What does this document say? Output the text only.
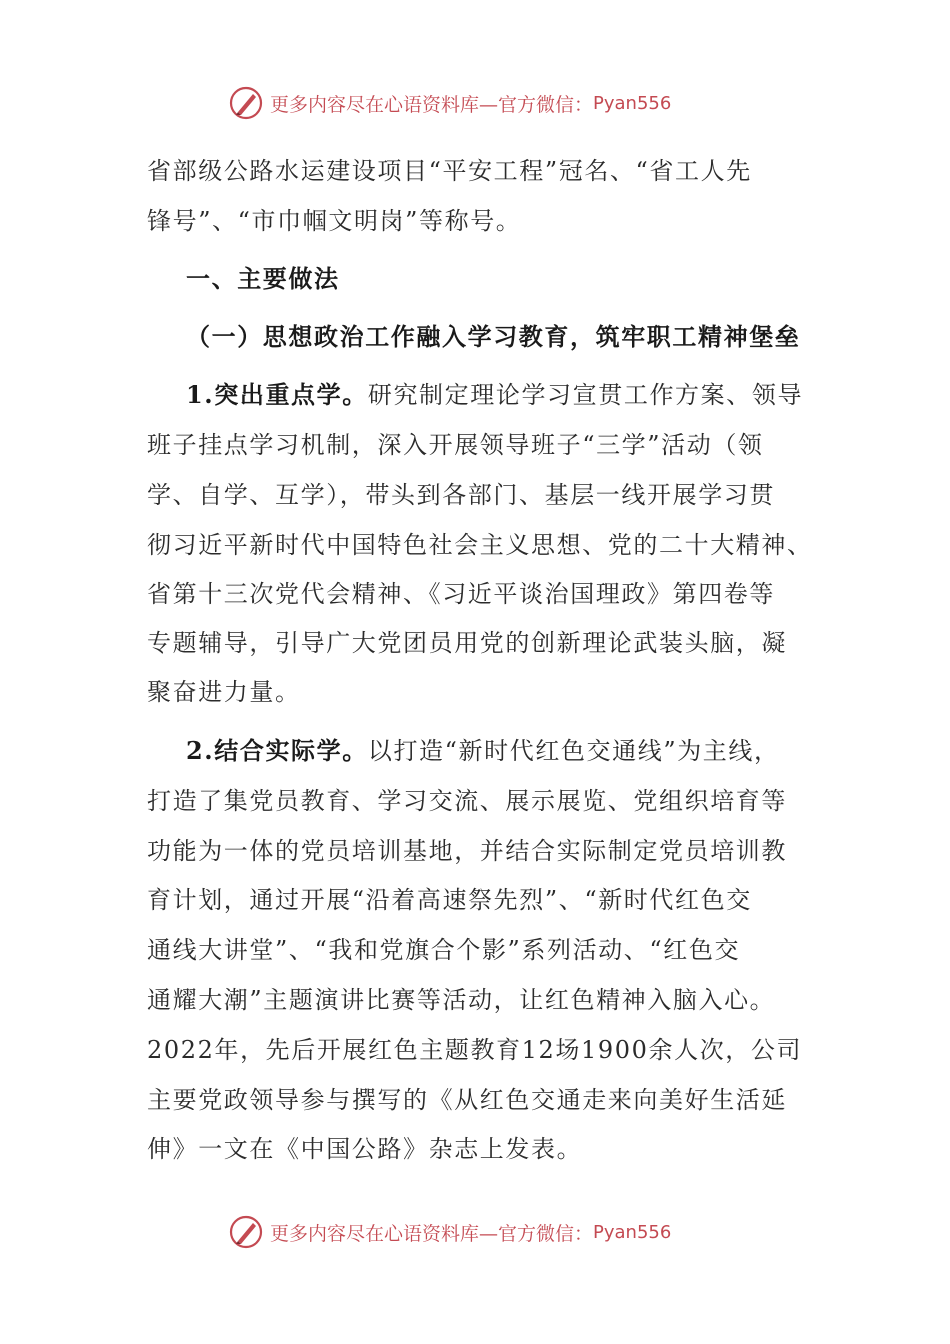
更多内容尽在心语资料库—官方微信： Pyan556
省部级公路水运建设项目“平安工程”冠名、“省工人先
锋号”、“市巾帼文明岗”等称号。
一、主要做法
（一）思想政治工作融入学习教育，筑牢职工精神堡垒
1.突出重点学。研究制定理论学习宣贯工作方案、领导
班子挂点学习机制，深入开展领导班子“三学”活动（领
学、自学、互学），带头到各部门、基层一线开展学习贯
彻习近平新时代中国特色社会主义思想、党的二十大精神、
省第十三次党代会精神、《习近平谈治国理政》第四卷等
专题辅导，引导广大党团员用党的创新理论武装头脑，凝
聚奋进力量。
2.结合实际学。以打造“新时代红色交通线”为主线，
打造了集党员教育、学习交流、展示展览、党组织培育等
功能为一体的党员培训基地，并结合实际制定党员培训教
育计划，通过开展“沿着高速祭先烈”、“新时代红色交
通线大讲堂”、“我和党旗合个影”系列活动、“红色交
通耀大潮”主题演讲比赛等活动，让红色精神入脑入心。
2022年，先后开展红色主题教育12场1900余人次，公司
主要党政领导参与撰写的《从红色交通走来向美好生活延
伸》一文在《中国公路》杂志上发表。
更多内容尽在心语资料库—官方微信： Pyan556
